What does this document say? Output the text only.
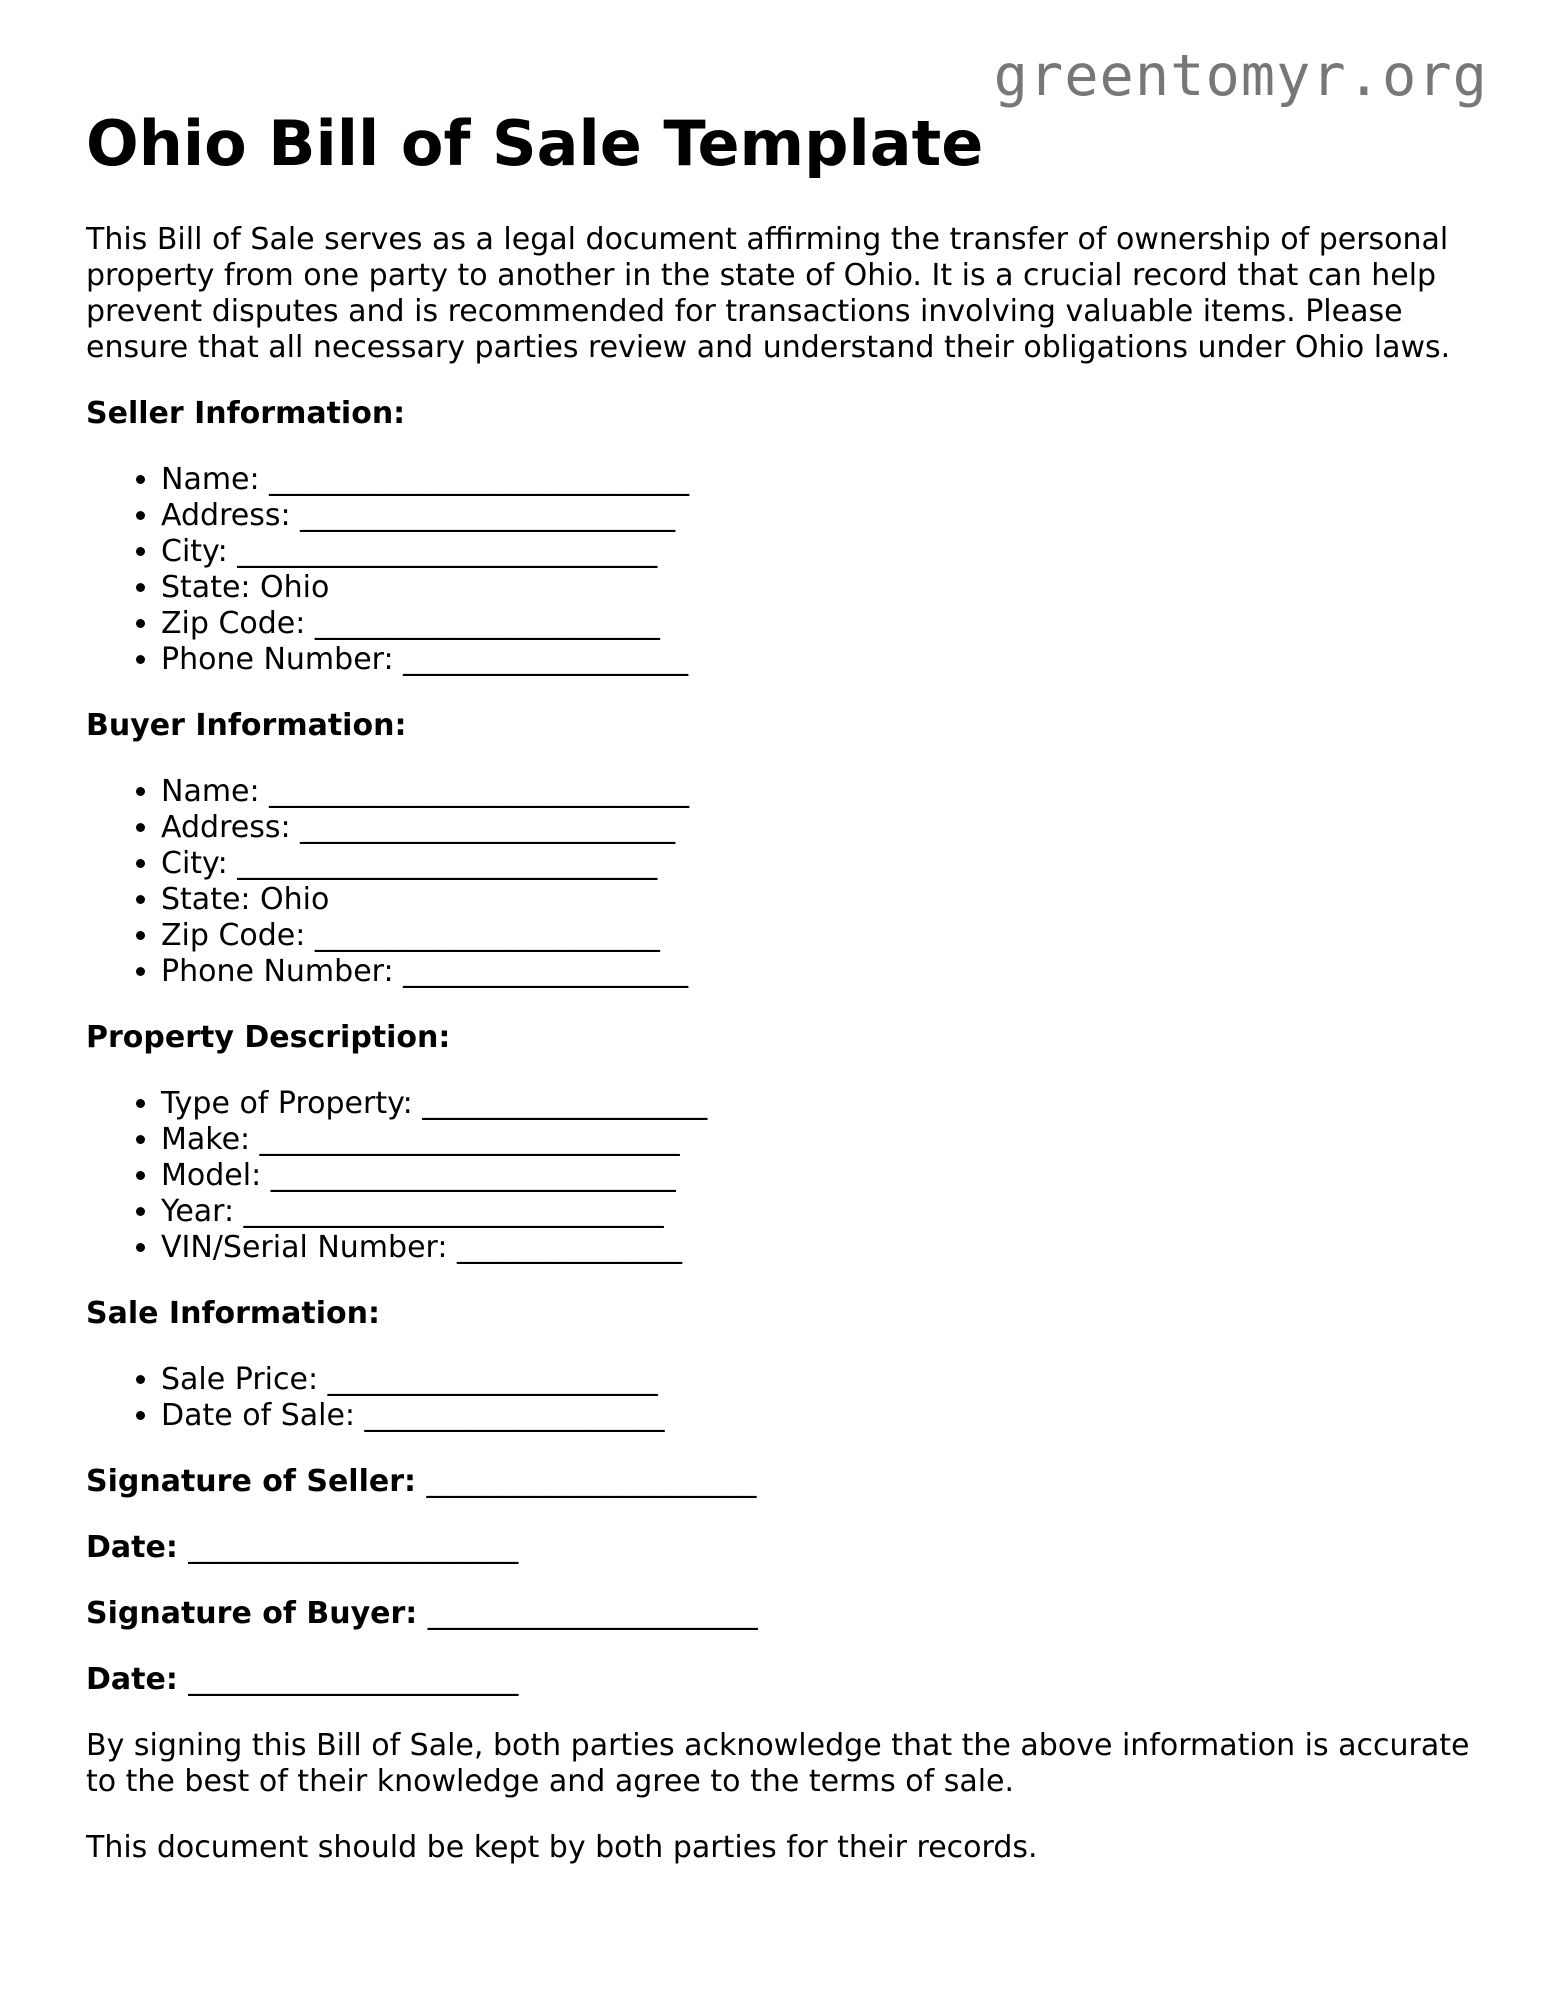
greentomyr.org
Ohio Bill of Sale Template

This Bill of Sale serves as a legal document affirming the transfer of ownership of personal property from one party to another in the state of Ohio. It is a crucial record that can help prevent disputes and is recommended for transactions involving valuable items. Please ensure that all necessary parties review and understand their obligations under Ohio laws.

Seller Information:
• Name: ____________________________
• Address: _________________________
• City: ____________________________
• State: Ohio
• Zip Code: _______________________
• Phone Number: ___________________
Buyer Information:
• Name: ____________________________
• Address: _________________________
• City: ____________________________
• State: Ohio
• Zip Code: _______________________
• Phone Number: ___________________
Property Description:
• Type of Property: ___________________
• Make: ____________________________
• Model: ___________________________
• Year: ____________________________
• VIN/Serial Number: _______________
Sale Information:
• Sale Price: ______________________
• Date of Sale: ____________________
Signature of Seller: ______________________
Date: ______________________
Signature of Buyer: ______________________
Date: ______________________

By signing this Bill of Sale, both parties acknowledge that the above information is accurate to the best of their knowledge and agree to the terms of sale.

This document should be kept by both parties for their records.
